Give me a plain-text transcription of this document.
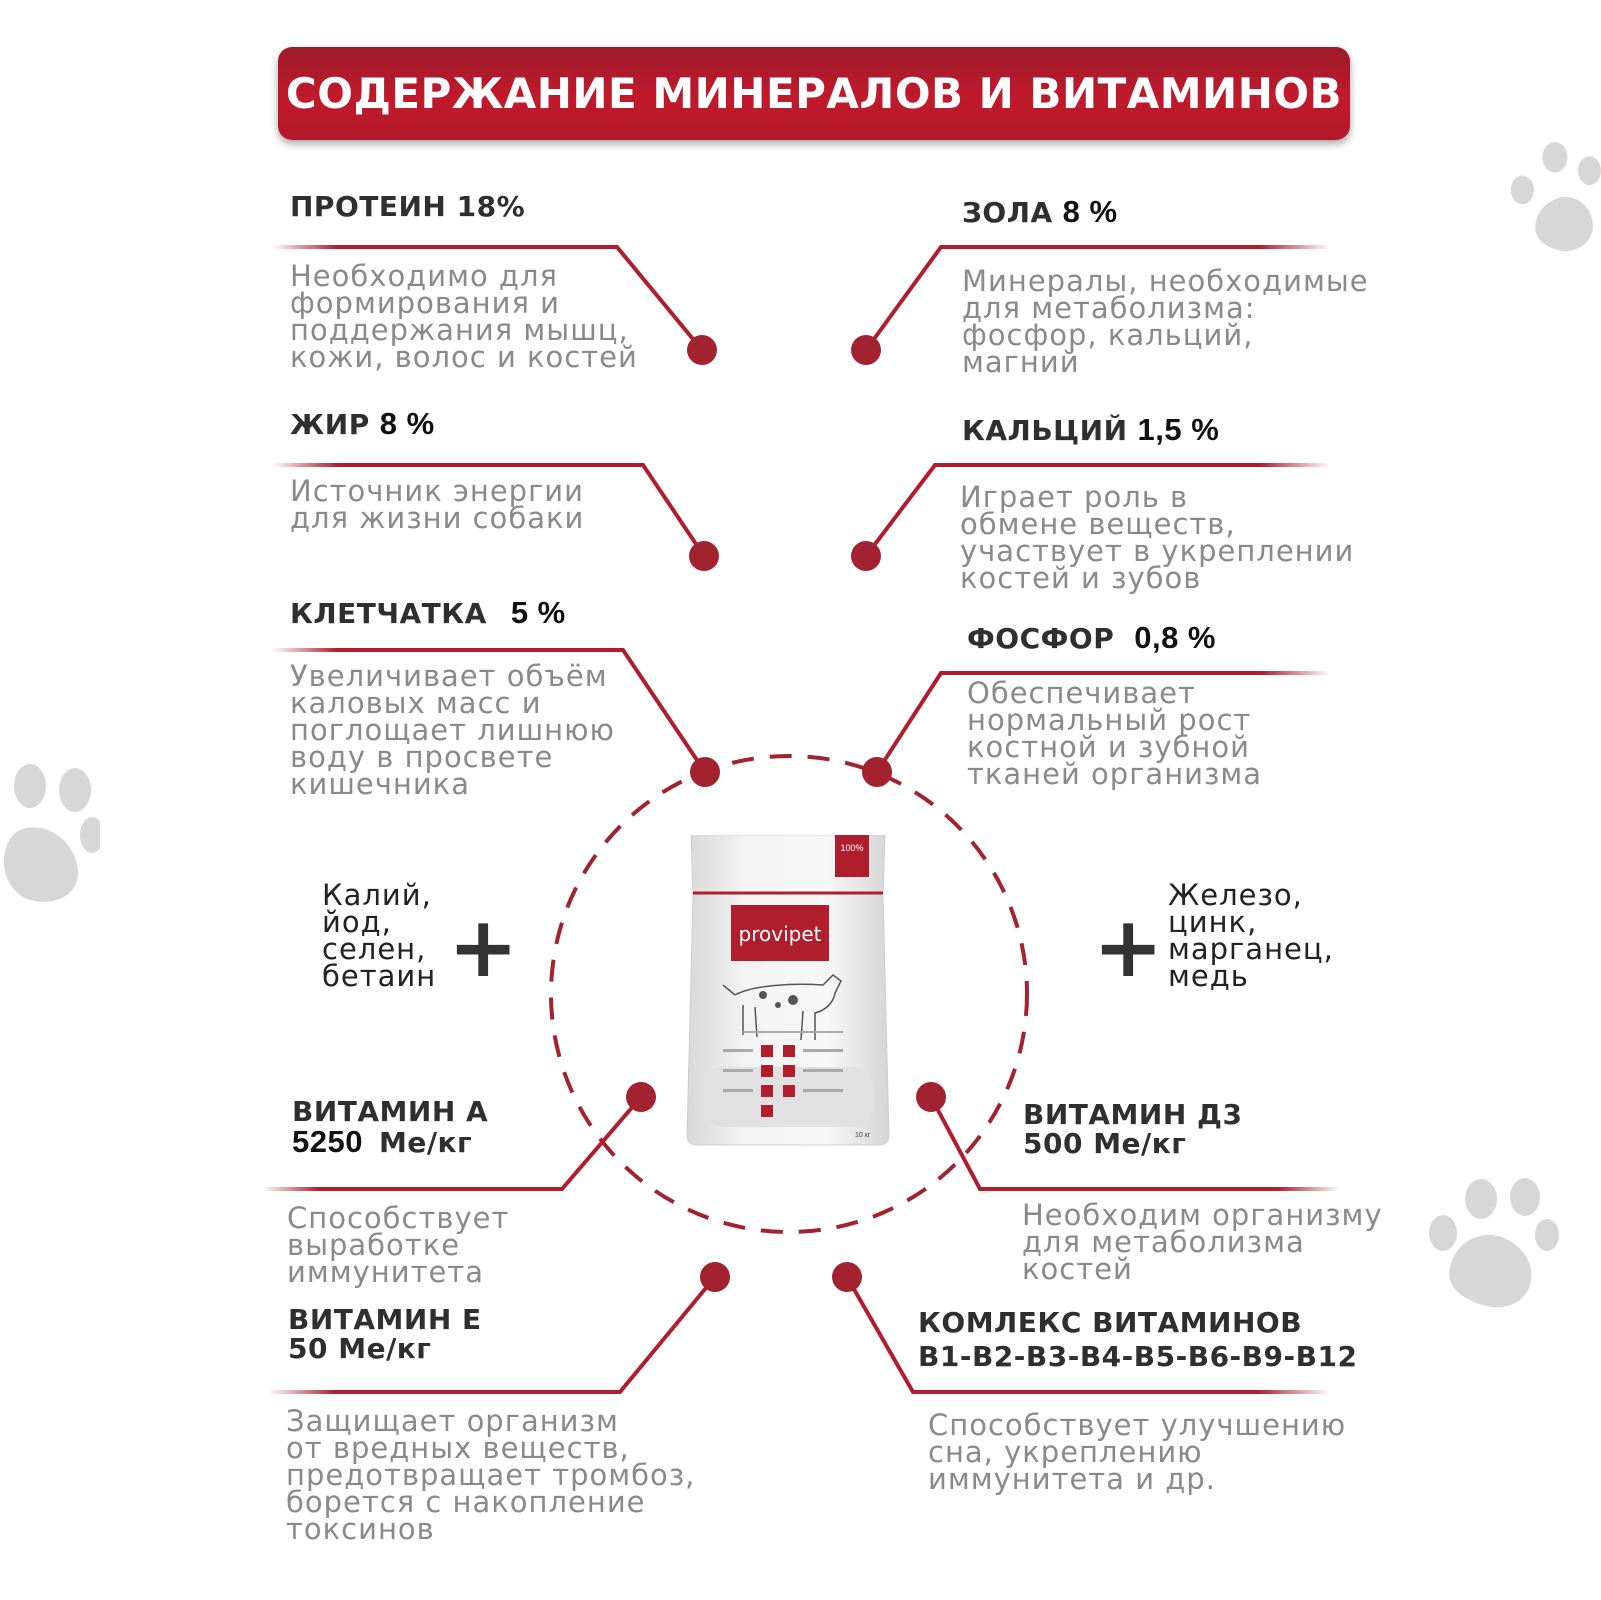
СОДЕРЖАНИЕ МИНЕРАЛОВ И ВИТАМИНОВ
100%
provipet
10 кг
ПРОТЕИН 18%
Необходимо для
формирования и
поддержания мышц,
кожи, волос и костей
ЗОЛА 8 %
Минералы, необходимые
для метаболизма:
фосфор, кальций,
магний
ЖИР 8 %
Источник энергии
для жизни собаки
КАЛЬЦИЙ 1,5 %
Играет роль в
обмене веществ,
участвует в укреплении
костей и зубов
КЛЕТЧАТКА 5 %
Увеличивает объём
каловых масс и
поглощает лишнюю
воду в просвете
кишечника
ФОСФОР 0,8 %
Обеспечивает
нормальный рост
костной и зубной
тканей организма
Калий,
йод,
селен,
бетаин +	+
Железо,
цинк,
марганец,
медь
ВИТАМИН А
5250 Ме/кг
Способствует
выработке
иммунитета
ВИТАМИН Д3
500 Ме/кг
Необходим организму
для метаболизма
костей
ВИТАМИН Е
50 Ме/кг
Защищает организм
от вредных веществ,
предотвращает тромбоз,
борется с накопление
токсинов
КОМЛЕКС ВИТАМИНОВ
B1-B2-B3-B4-B5-B6-B9-B12
Способствует улучшению
сна, укреплению
иммунитета и др.
